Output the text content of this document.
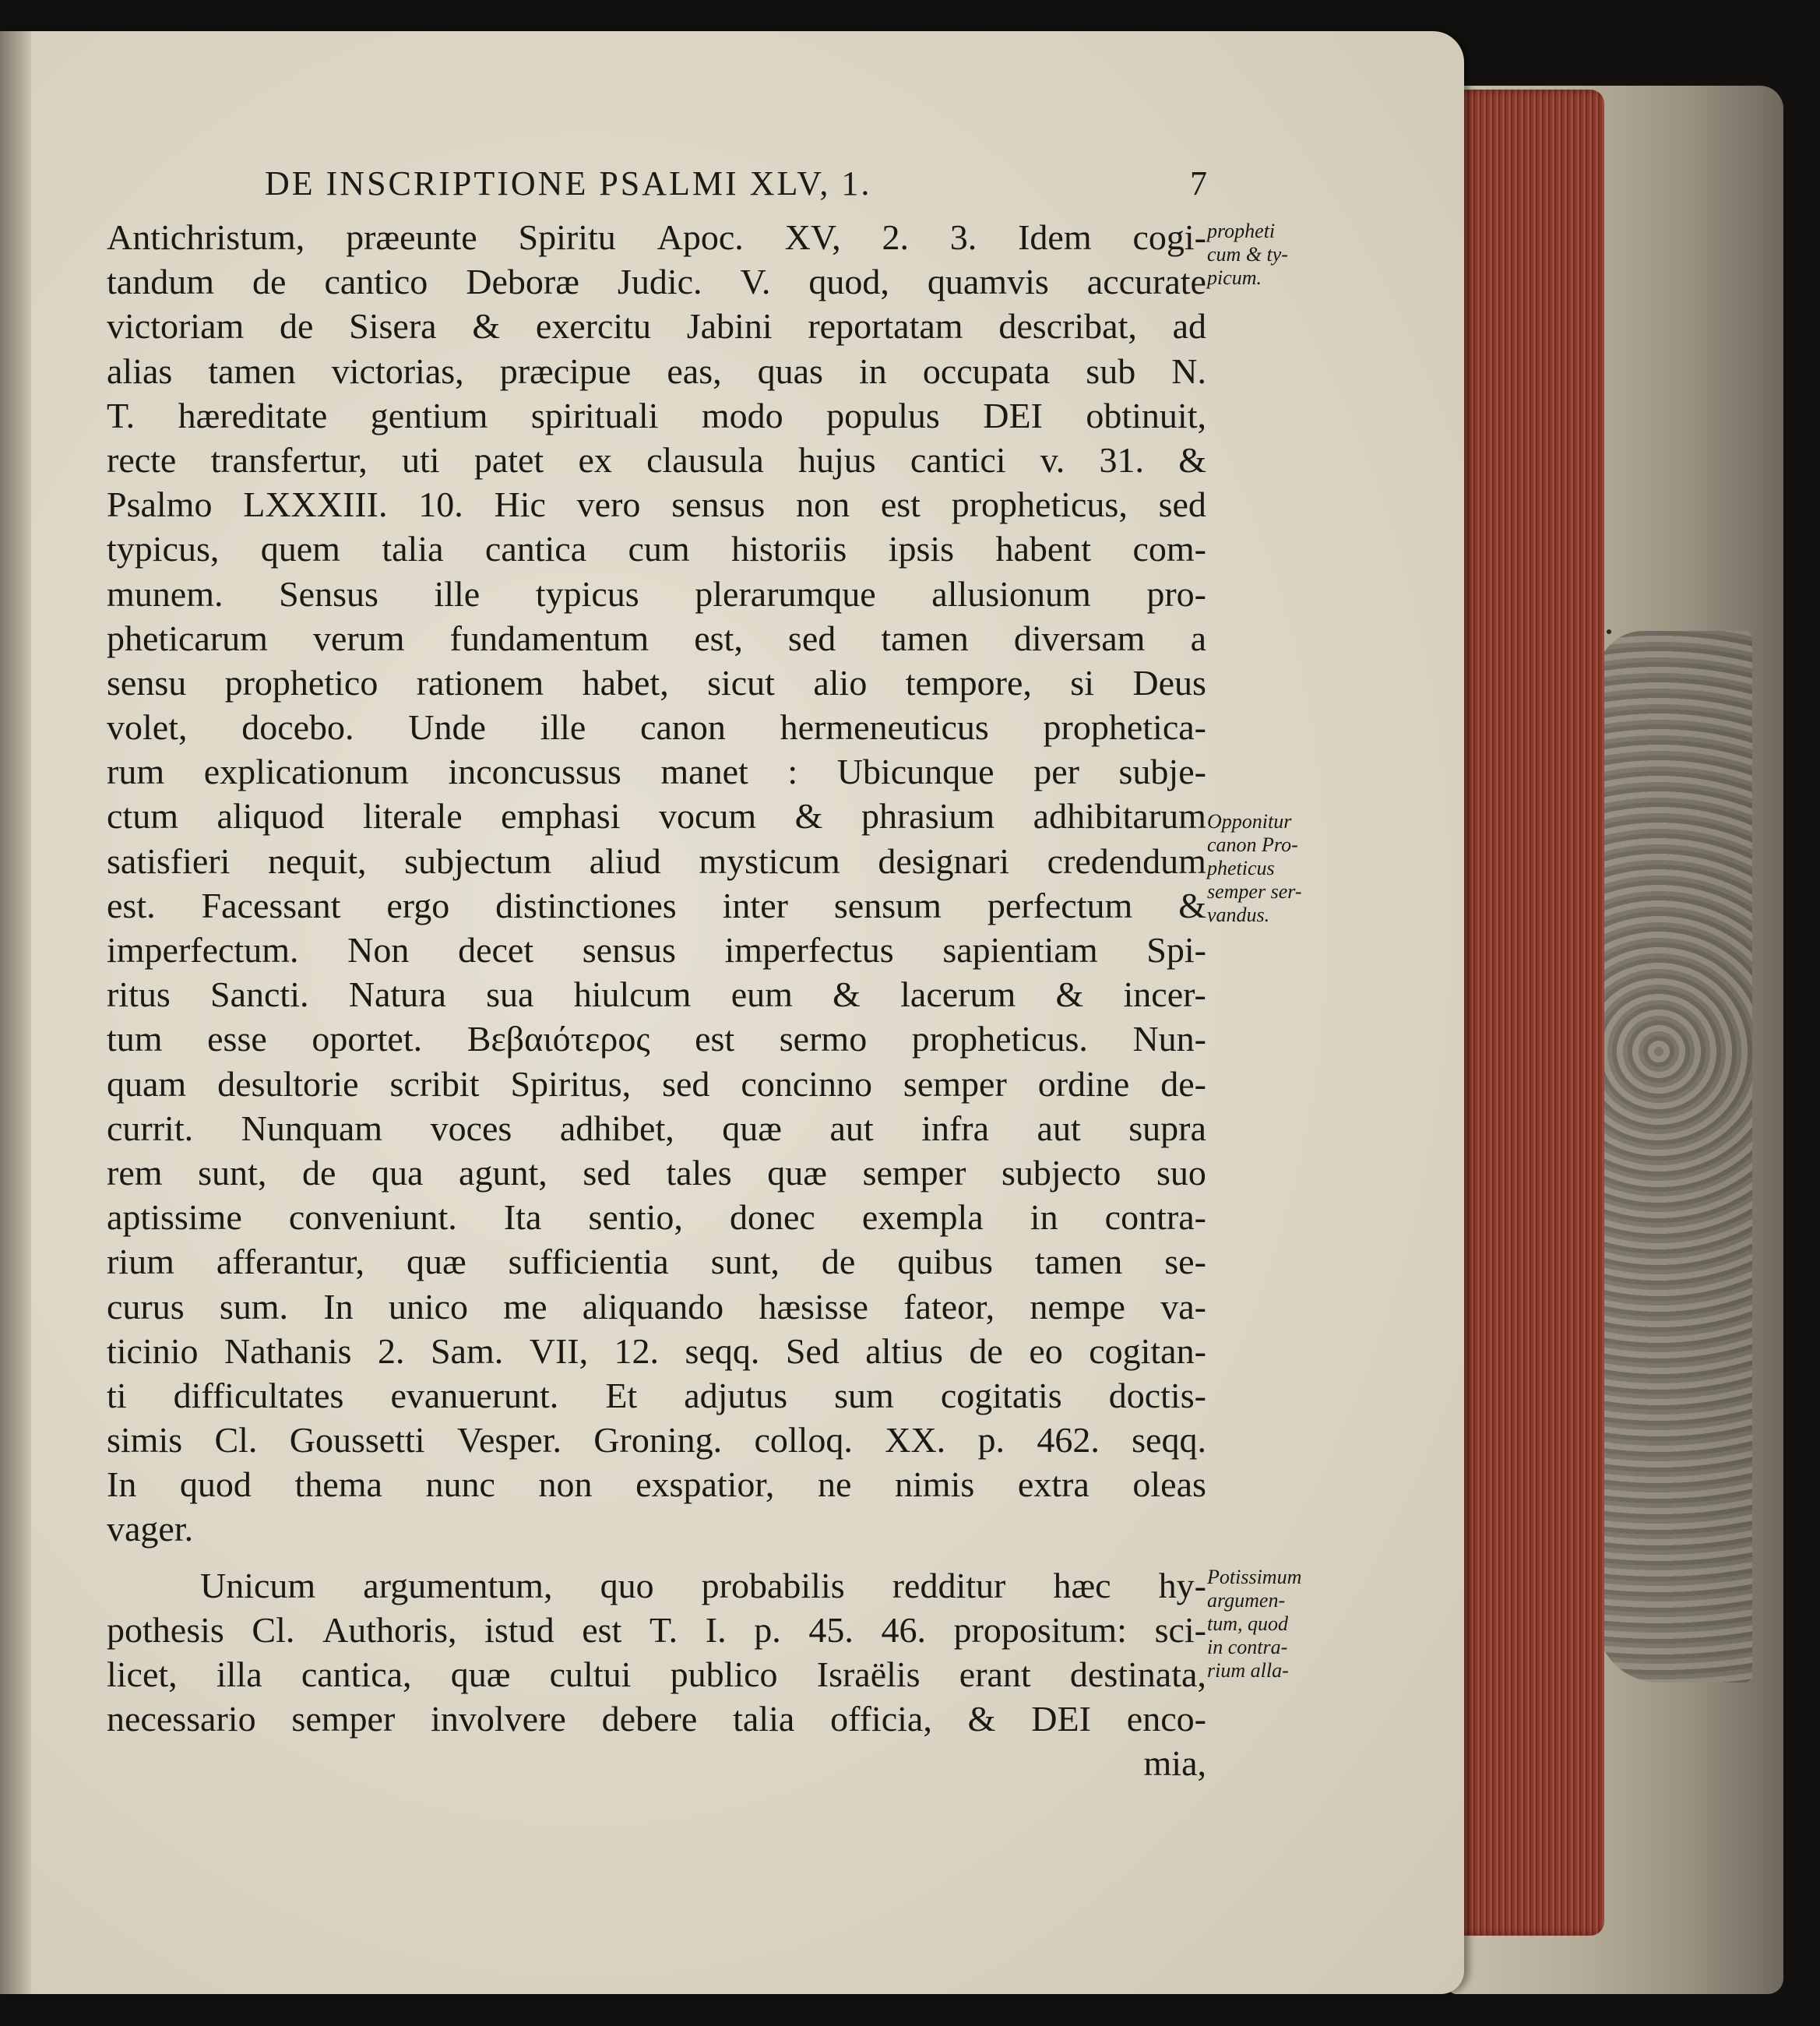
DE INSCRIPTIONE PSALMI XLV, 1.	7
Antichristum, præeunte Spiritu Apoc. XV, 2. 3. Idem cogi-
tandum de cantico Deboræ Judic. V. quod, quamvis accurate
victoriam de Sisera & exercitu Jabini reportatam describat, ad
alias tamen victorias, præcipue eas, quas in occupata sub N.
T. hæreditate gentium spirituali modo populus DEI obtinuit,
recte transfertur, uti patet ex clausula hujus cantici v. 31. &
Psalmo LXXXIII. 10. Hic vero sensus non est propheticus, sed
typicus, quem talia cantica cum historiis ipsis habent com-
munem. Sensus ille typicus plerarumque allusionum pro-
pheticarum verum fundamentum est, sed tamen diversam a
sensu prophetico rationem habet, sicut alio tempore, si Deus
volet, docebo. Unde ille canon hermeneuticus prophetica-
rum explicationum inconcussus manet : Ubicunque per subje-
ctum aliquod literale emphasi vocum & phrasium adhibitarum
satisfieri nequit, subjectum aliud mysticum designari credendum
est. Facessant ergo distinctiones inter sensum perfectum &
imperfectum. Non decet sensus imperfectus sapientiam Spi-
ritus Sancti. Natura sua hiulcum eum & lacerum & incer-
tum esse oportet. Βεβαιότερος est sermo propheticus. Nun-
quam desultorie scribit Spiritus, sed concinno semper ordine de-
currit. Nunquam voces adhibet, quæ aut infra aut supra
rem sunt, de qua agunt, sed tales quæ semper subjecto suo
aptissime conveniunt. Ita sentio, donec exempla in contra-
rium afferantur, quæ sufficientia sunt, de quibus tamen se-
curus sum. In unico me aliquando hæsisse fateor, nempe va-
ticinio Nathanis 2. Sam. VII, 12. seqq. Sed altius de eo cogitan-
ti difficultates evanuerunt. Et adjutus sum cogitatis doctis-
simis Cl. Goussetti Vesper. Groning. colloq. XX. p. 462. seqq.
In quod thema nunc non exspatior, ne nimis extra oleas
vager.
Unicum argumentum, quo probabilis redditur hæc hy-
pothesis Cl. Authoris, istud est T. I. p. 45. 46. propositum: sci-
licet, illa cantica, quæ cultui publico Israëlis erant destinata,
necessario semper involvere debere talia officia, & DEI enco-
mia,
propheti
cum & ty-
picum.
Opponitur
canon Pro-
pheticus
semper ser-
vandus.
Potissimum
argumen-
tum, quod
in contra-
rium alla-
